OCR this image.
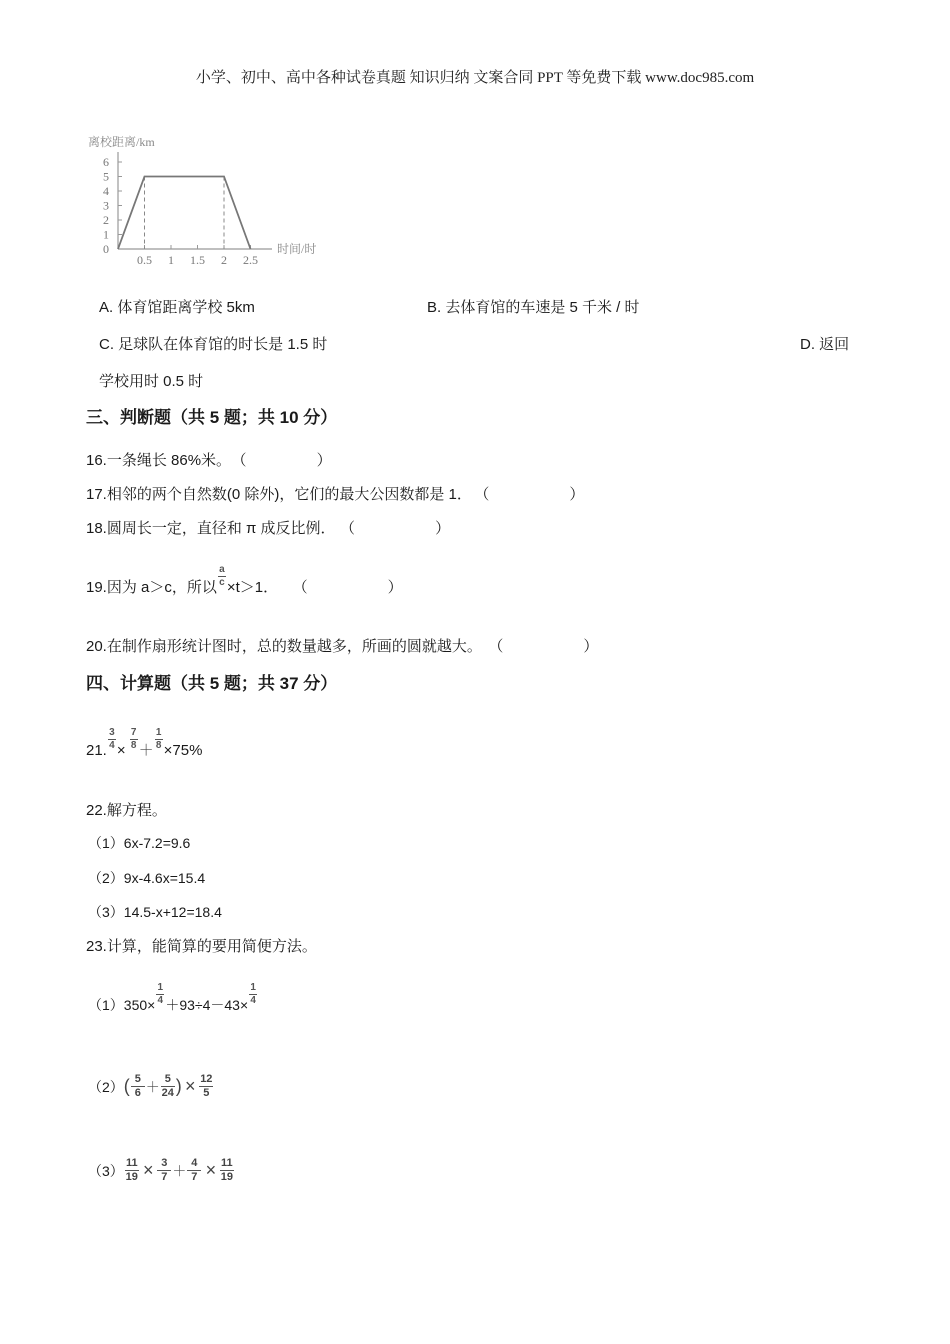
小学、初中、高中各种试卷真题 知识归纳 文案合同 PPT 等免费下载 www.doc985.com
离校距离/km
0
1
2
3
4
5
6
0.5 1 1.5 2 2.5
时间/时
A. 体育馆距离学校 5km	B. 去体育馆的车速是 5 千米 / 时
C. 足球队在体育馆的时长是 1.5 时	D. 返回
学校用时 0.5 时
三、判断题（共 5 题；共 10 分）
16.一条绳长 86%米。 （	）
17.相邻的两个自然数(0 除外)，它们的最大公因数都是 1． （	）
18.圆周长一定，直径和 π 成反比例． （	）
19.因为 a＞c，所以 $\frac{a}{c} \times t>1$． （	）
20.在制作扇形统计图时，总的数量越多，所画的圆就越大。 （	）
四、计算题（共 5 题；共 37 分）
21. $\frac{3}{4} \times \frac{7}{8} + \frac{1}{8} \times 75\%$
22.解方程。
（1）6x-7.2=9.6
（2）9x-4.6x=15.4
（3）14.5-x+12=18.4
23.计算，能简算的要用简便方法。
$(1)350\times \frac{1}{4} +93\div 4-43\times \frac{1}{4}$
$(2)( \frac{5}{6} + \frac{5}{24}$ ) × $\frac{12}{5}$
$(3) \frac{11}{19} \times \frac{3}{7} + \frac{4}{7} \times \frac{11}{19}$
